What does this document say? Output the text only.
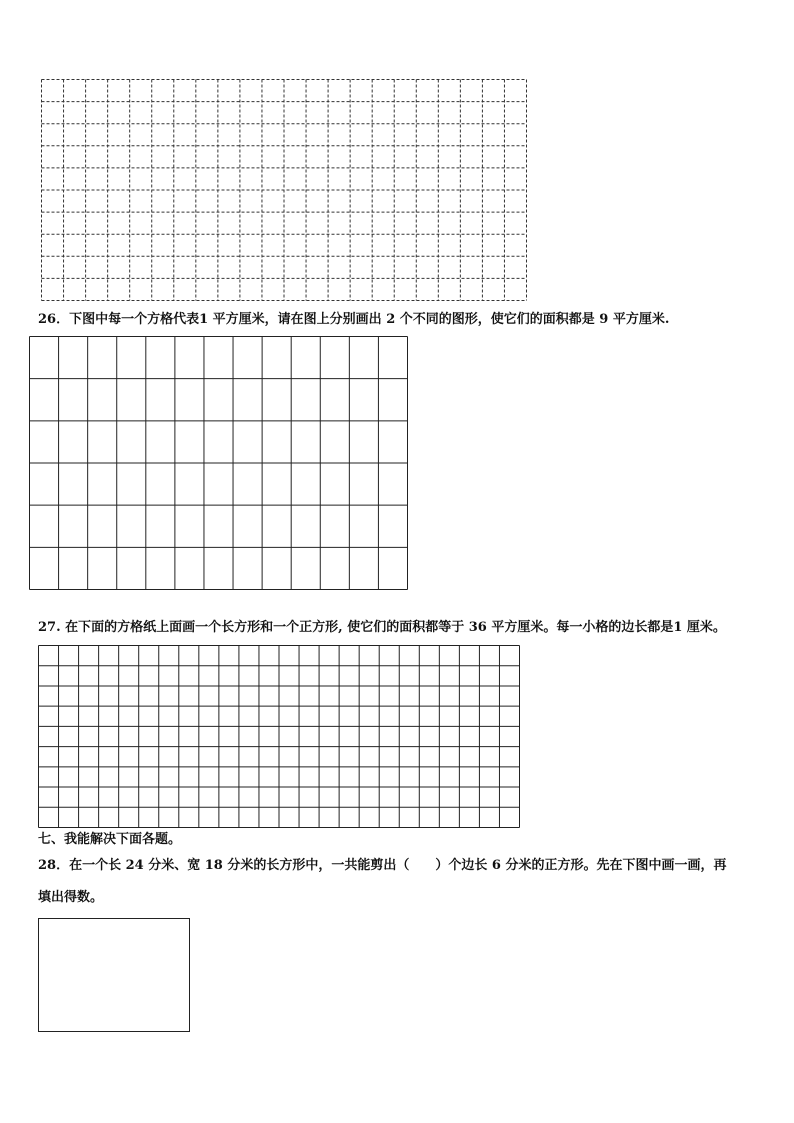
26．下图中每一个方格代表1 平方厘米，请在图上分别画出 2 个不同的图形，使它们的面积都是 9 平方厘米.
27. 在下面的方格纸上面画一个长方形和一个正方形, 使它们的面积都等于 36 平方厘米。每一小格的边长都是1 厘米。
七、我能解决下面各题。
28．在一个长 24 分米、宽 18 分米的长方形中，一共能剪出（　　）个边长 6 分米的正方形。先在下图中画一画，再
填出得数。
